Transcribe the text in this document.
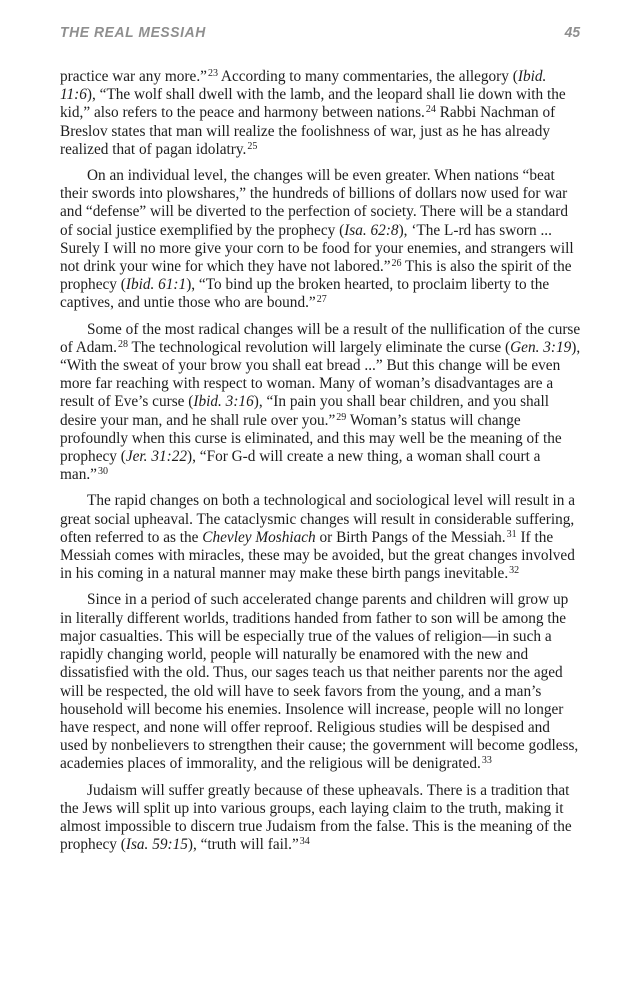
THE REAL MESSIAH	45

practice war any more.”$^{23}$ According to many commentaries, the allegory (Ibid. 11:6), “The wolf shall dwell with the lamb, and the leopard shall lie down with the kid,” also refers to the peace and harmony between nations.$^{24}$ Rabbi Nachman of Breslov states that man will realize the foolishness of war, just as he has already realized that of pagan idolatry.$^{25}$

On an individual level, the changes will be even greater. When nations “beat their swords into plowshares,” the hundreds of billions of dollars now used for war and “defense” will be diverted to the perfection of society. There will be a standard of social justice exemplified by the prophecy (Isa. 62:8), ‘The L-rd has sworn ... Surely I will no more give your corn to be food for your enemies, and strangers will not drink your wine for which they have not labored.”$^{26}$ This is also the spirit of the prophecy (Ibid. 61:1), “To bind up the broken hearted, to proclaim liberty to the captives, and untie those who are bound.”$^{27}$

Some of the most radical changes will be a result of the nullification of the curse of Adam.$^{28}$ The technological revolution will largely eliminate the curse (Gen. 3:19), “With the sweat of your brow you shall eat bread ...” But this change will be even more far reaching with respect to woman. Many of woman’s disadvantages are a result of Eve’s curse (Ibid. 3:16), “In pain you shall bear children, and you shall desire your man, and he shall rule over you.”$^{29}$ Woman’s status will change profoundly when this curse is eliminated, and this may well be the meaning of the prophecy (Jer. 31:22), “For G-d will create a new thing, a woman shall court a man.”$^{30}$

The rapid changes on both a technological and sociological level will result in a great social upheaval. The cataclysmic changes will result in considerable suffering, often referred to as the Chevley Moshiach or Birth Pangs of the Messiah.$^{31}$ If the Messiah comes with miracles, these may be avoided, but the great changes involved in his coming in a natural manner may make these birth pangs inevitable.$^{32}$

Since in a period of such accelerated change parents and children will grow up in literally different worlds, traditions handed from father to son will be among the major casualties. This will be especially true of the values of religion—in such a rapidly changing world, people will naturally be enamored with the new and dissatisfied with the old. Thus, our sages teach us that neither parents nor the aged will be respected, the old will have to seek favors from the young, and a man’s household will become his enemies. Insolence will increase, people will no longer have respect, and none will offer reproof. Religious studies will be despised and used by nonbelievers to strengthen their cause; the government will become godless, academies places of immorality, and the religious will be denigrated.$^{33}$

Judaism will suffer greatly because of these upheavals. There is a tradition that the Jews will split up into various groups, each laying claim to the truth, making it almost impossible to discern true Judaism from the false. This is the meaning of the prophecy (Isa. 59:15), “truth will fail.”$^{34}$
